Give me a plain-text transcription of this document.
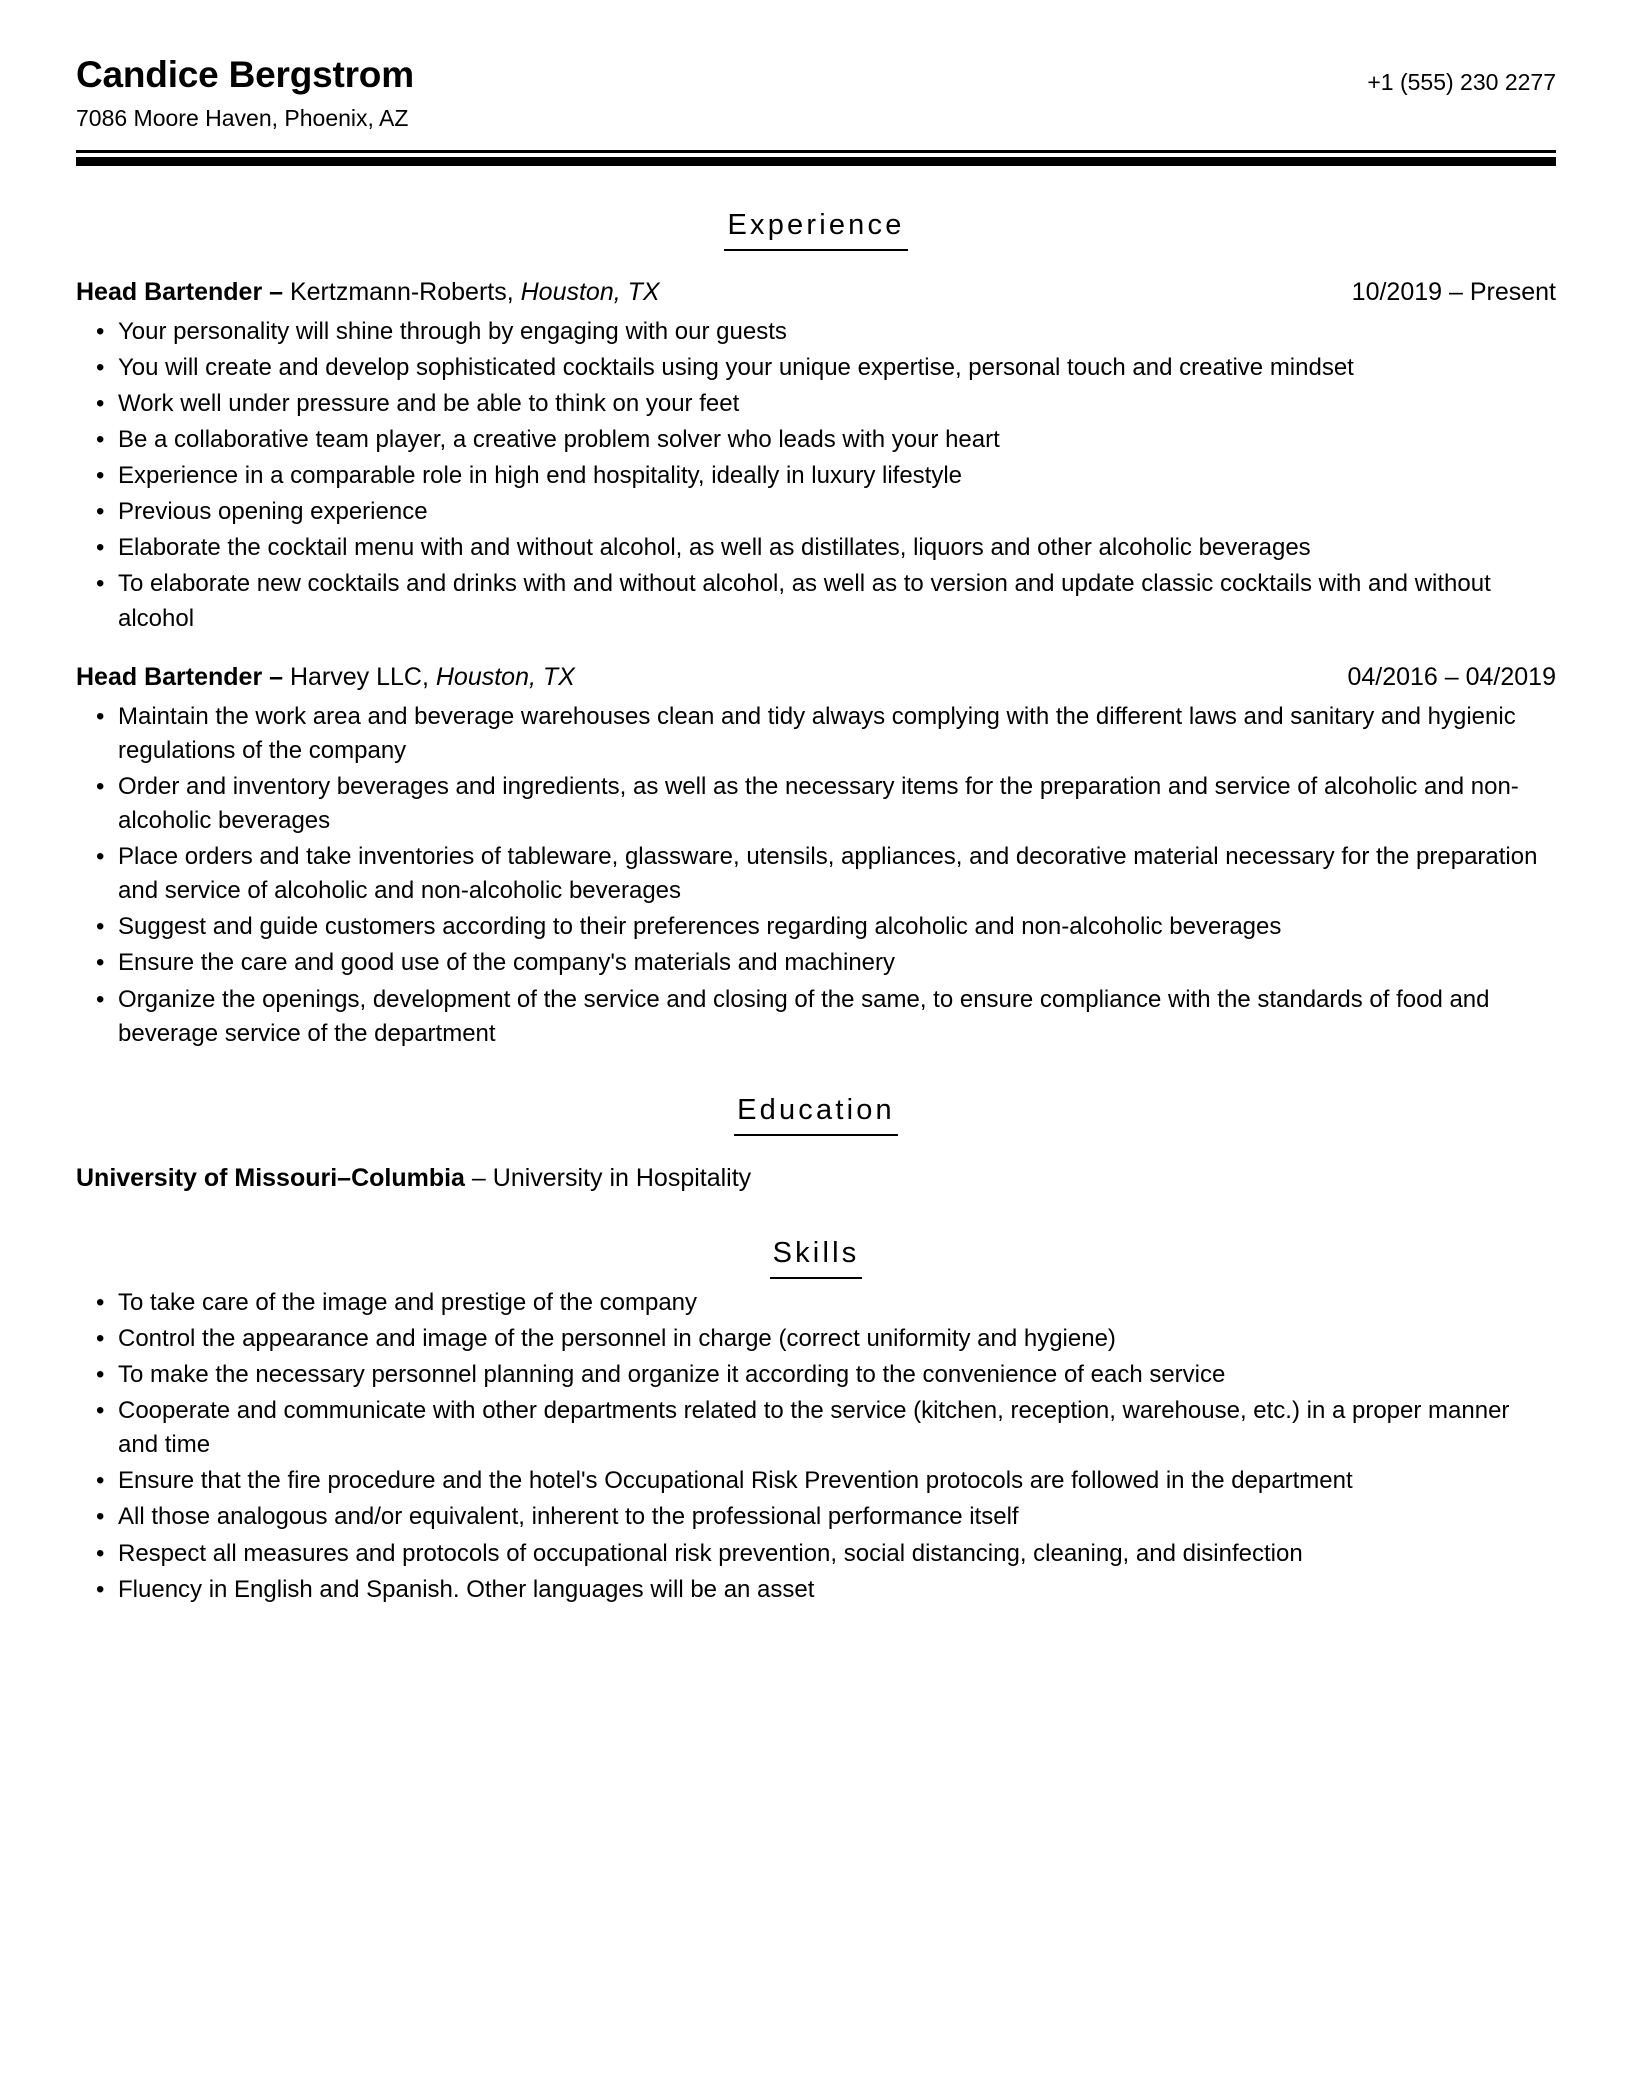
Candice Bergstrom
7086 Moore Haven, Phoenix, AZ
+1 (555) 230 2277
Experience
Head Bartender – Kertzmann-Roberts, Houston, TX	10/2019 – Present
• Your personality will shine through by engaging with our guests
• You will create and develop sophisticated cocktails using your unique expertise, personal touch and creative mindset
• Work well under pressure and be able to think on your feet
• Be a collaborative team player, a creative problem solver who leads with your heart
• Experience in a comparable role in high end hospitality, ideally in luxury lifestyle
• Previous opening experience
• Elaborate the cocktail menu with and without alcohol, as well as distillates, liquors and other alcoholic beverages
• To elaborate new cocktails and drinks with and without alcohol, as well as to version and update classic cocktails with and without alcohol
Head Bartender – Harvey LLC, Houston, TX	04/2016 – 04/2019
• Maintain the work area and beverage warehouses clean and tidy always complying with the different laws and sanitary and hygienic regulations of the company
• Order and inventory beverages and ingredients, as well as the necessary items for the preparation and service of alcoholic and non-alcoholic beverages
• Place orders and take inventories of tableware, glassware, utensils, appliances, and decorative material necessary for the preparation and service of alcoholic and non-alcoholic beverages
• Suggest and guide customers according to their preferences regarding alcoholic and non-alcoholic beverages
• Ensure the care and good use of the company's materials and machinery
• Organize the openings, development of the service and closing of the same, to ensure compliance with the standards of food and beverage service of the department
Education
University of Missouri–Columbia – University in Hospitality
Skills
• To take care of the image and prestige of the company
• Control the appearance and image of the personnel in charge (correct uniformity and hygiene)
• To make the necessary personnel planning and organize it according to the convenience of each service
• Cooperate and communicate with other departments related to the service (kitchen, reception, warehouse, etc.) in a proper manner and time
• Ensure that the fire procedure and the hotel's Occupational Risk Prevention protocols are followed in the department
• All those analogous and/or equivalent, inherent to the professional performance itself
• Respect all measures and protocols of occupational risk prevention, social distancing, cleaning, and disinfection
• Fluency in English and Spanish. Other languages will be an asset
